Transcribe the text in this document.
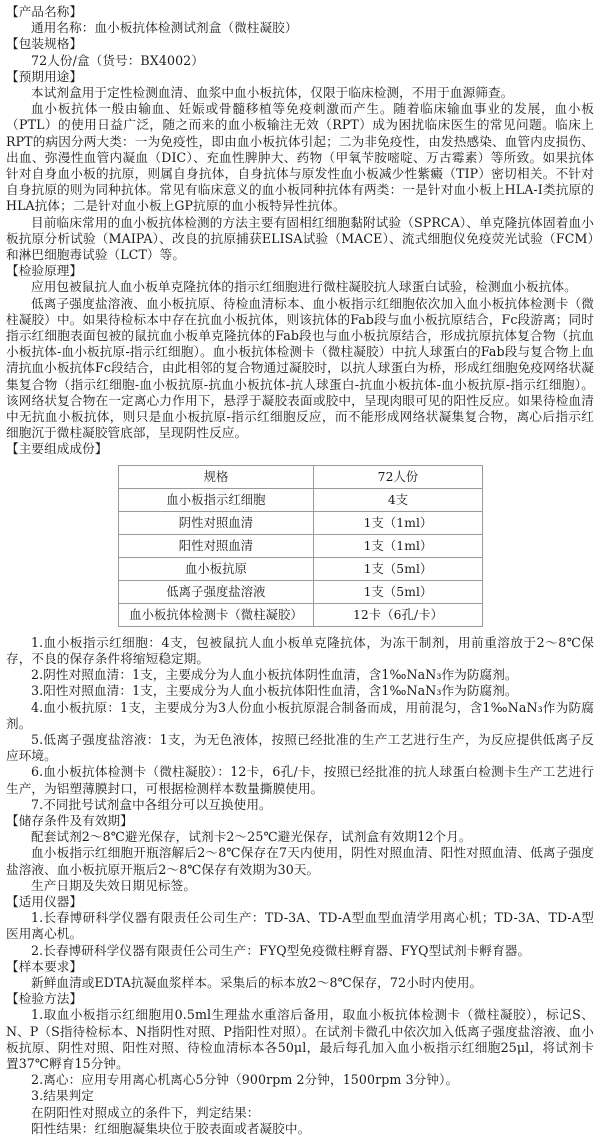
【产品名称】
通用名称：血小板抗体检测试剂盒（微柱凝胶）
【包装规格】
72人份/盒（货号：BX4002）
【预期用途】
本试剂盒用于定性检测血清、血浆中血小板抗体，仅限于临床检测，不用于血源筛查。
血小板抗体一般由输血、妊娠或骨髓移植等免疫刺激而产生。随着临床输血事业的发展，血小板（PTL）的使用日益广泛，随之而来的血小板输注无效（RPT）成为困扰临床医生的常见问题。临床上RPT的病因分两大类：一为免疫性，即由血小板抗体引起；二为非免疫性，由发热感染、血管内皮损伤、出血、弥漫性血管内凝血（DIC）、充血性脾肿大、药物（甲氧苄胺嘧啶、万古霉素）等所致。如果抗体针对自身血小板的抗原，则属自身抗体，自身抗体与原发性血小板减少性紫癜（TIP）密切相关。不针对自身抗原的则为同种抗体。常见有临床意义的血小板同种抗体有两类：一是针对血小板上HLA-I类抗原的HLA抗体；二是针对血小板上GP抗原的血小板特异性抗体。
目前临床常用的血小板抗体检测的方法主要有固相红细胞黏附试验（SPRCA）、单克隆抗体固着血小板抗原分析试验（MAIPA）、改良的抗原捕获ELISA试验（MACE）、流式细胞仪免疫荧光试验（FCM）和淋巴细胞毒试验（LCT）等。
【检验原理】
应用包被鼠抗人血小板单克隆抗体的指示红细胞进行微柱凝胶抗人球蛋白试验，检测血小板抗体。
低离子强度盐溶液、血小板抗原、待检血清标本、血小板指示红细胞依次加入血小板抗体检测卡（微柱凝胶）中。如果待检标本中存在抗血小板抗体，则该抗体的Fab段与血小板抗原结合，Fc段游离；同时指示红细胞表面包被的鼠抗血小板单克隆抗体的Fab段也与血小板抗原结合，形成抗原抗体复合物（抗血小板抗体-血小板抗原-指示红细胞）。血小板抗体检测卡（微柱凝胶）中抗人球蛋白的Fab段与复合物上血清抗血小板抗体Fc段结合，由此相邻的复合物通过凝胶时，以抗人球蛋白为桥，形成红细胞免疫网络状凝集复合物（指示红细胞-血小板抗原-抗血小板抗体-抗人球蛋白-抗血小板抗体-血小板抗原-指示红细胞）。该网络状复合物在一定离心力作用下，悬浮于凝胶表面或胶中，呈现肉眼可见的阳性反应。如果待检血清中无抗血小板抗体，则只是血小板抗原-指示红细胞反应，而不能形成网络状凝集复合物，离心后指示红细胞沉于微柱凝胶管底部，呈现阴性反应。
【主要组成成份】
规格	72人份
血小板指示红细胞	4支
阴性对照血清	1支（1ml）
阳性对照血清	1支（1ml）
血小板抗原	1支（5ml）
低离子强度盐溶液	1支（5ml）
血小板抗体检测卡（微柱凝胶）	12卡（6孔/卡）
1.血小板指示红细胞：4支，包被鼠抗人血小板单克隆抗体，为冻干制剂，用前重溶放于2～8℃保存，不良的保存条件将缩短稳定期。
2.阴性对照血清：1支，主要成分为人血小板抗体阴性血清，含1‰NaN₃作为防腐剂。
3.阳性对照血清：1支，主要成分为人血小板抗体阳性血清，含1‰NaN₃作为防腐剂。
4.血小板抗原：1支，主要成分为3人份血小板抗原混合制备而成，用前混匀，含1‰NaN₃作为防腐剂。
5.低离子强度盐溶液：1支，为无色液体，按照已经批准的生产工艺进行生产，为反应提供低离子反应环境。
6.血小板抗体检测卡（微柱凝胶）：12卡，6孔/卡，按照已经批准的抗人球蛋白检测卡生产工艺进行生产，为铝塑薄膜封口，可根据检测样本数量撕膜使用。
7.不同批号试剂盒中各组分可以互换使用。
【储存条件及有效期】
配套试剂2～8℃避光保存，试剂卡2～25℃避光保存，试剂盒有效期12个月。
血小板指示红细胞开瓶溶解后2～8℃保存在7天内使用，阴性对照血清、阳性对照血清、低离子强度盐溶液、血小板抗原开瓶后2～8℃保存有效期为30天。
生产日期及失效日期见标签。
【适用仪器】
1.长春博研科学仪器有限责任公司生产：TD-3A、TD-A型血型血清学用离心机；TD-3A、TD-A型医用离心机。
2.长春博研科学仪器有限责任公司生产：FYQ型免疫微柱孵育器、FYQ型试剂卡孵育器。
【样本要求】
新鲜血清或EDTA抗凝血浆样本。采集后的标本放2～8℃保存，72小时内使用。
【检验方法】
1.取血小板指示红细胞用0.5ml生理盐水重溶后备用，取血小板抗体检测卡（微柱凝胶），标记S、N、P（S指待检标本、N指阴性对照、P指阳性对照）。在试剂卡微孔中依次加入低离子强度盐溶液、血小板抗原、阴性对照、阳性对照、待检血清标本各50μl，最后每孔加入血小板指示红细胞25μl，将试剂卡置37℃孵育15分钟。
2.离心：应用专用离心机离心5分钟（900rpm 2分钟，1500rpm 3分钟）。
3.结果判定
在阴阳性对照成立的条件下，判定结果：
阳性结果：红细胞凝集块位于胶表面或者凝胶中。
